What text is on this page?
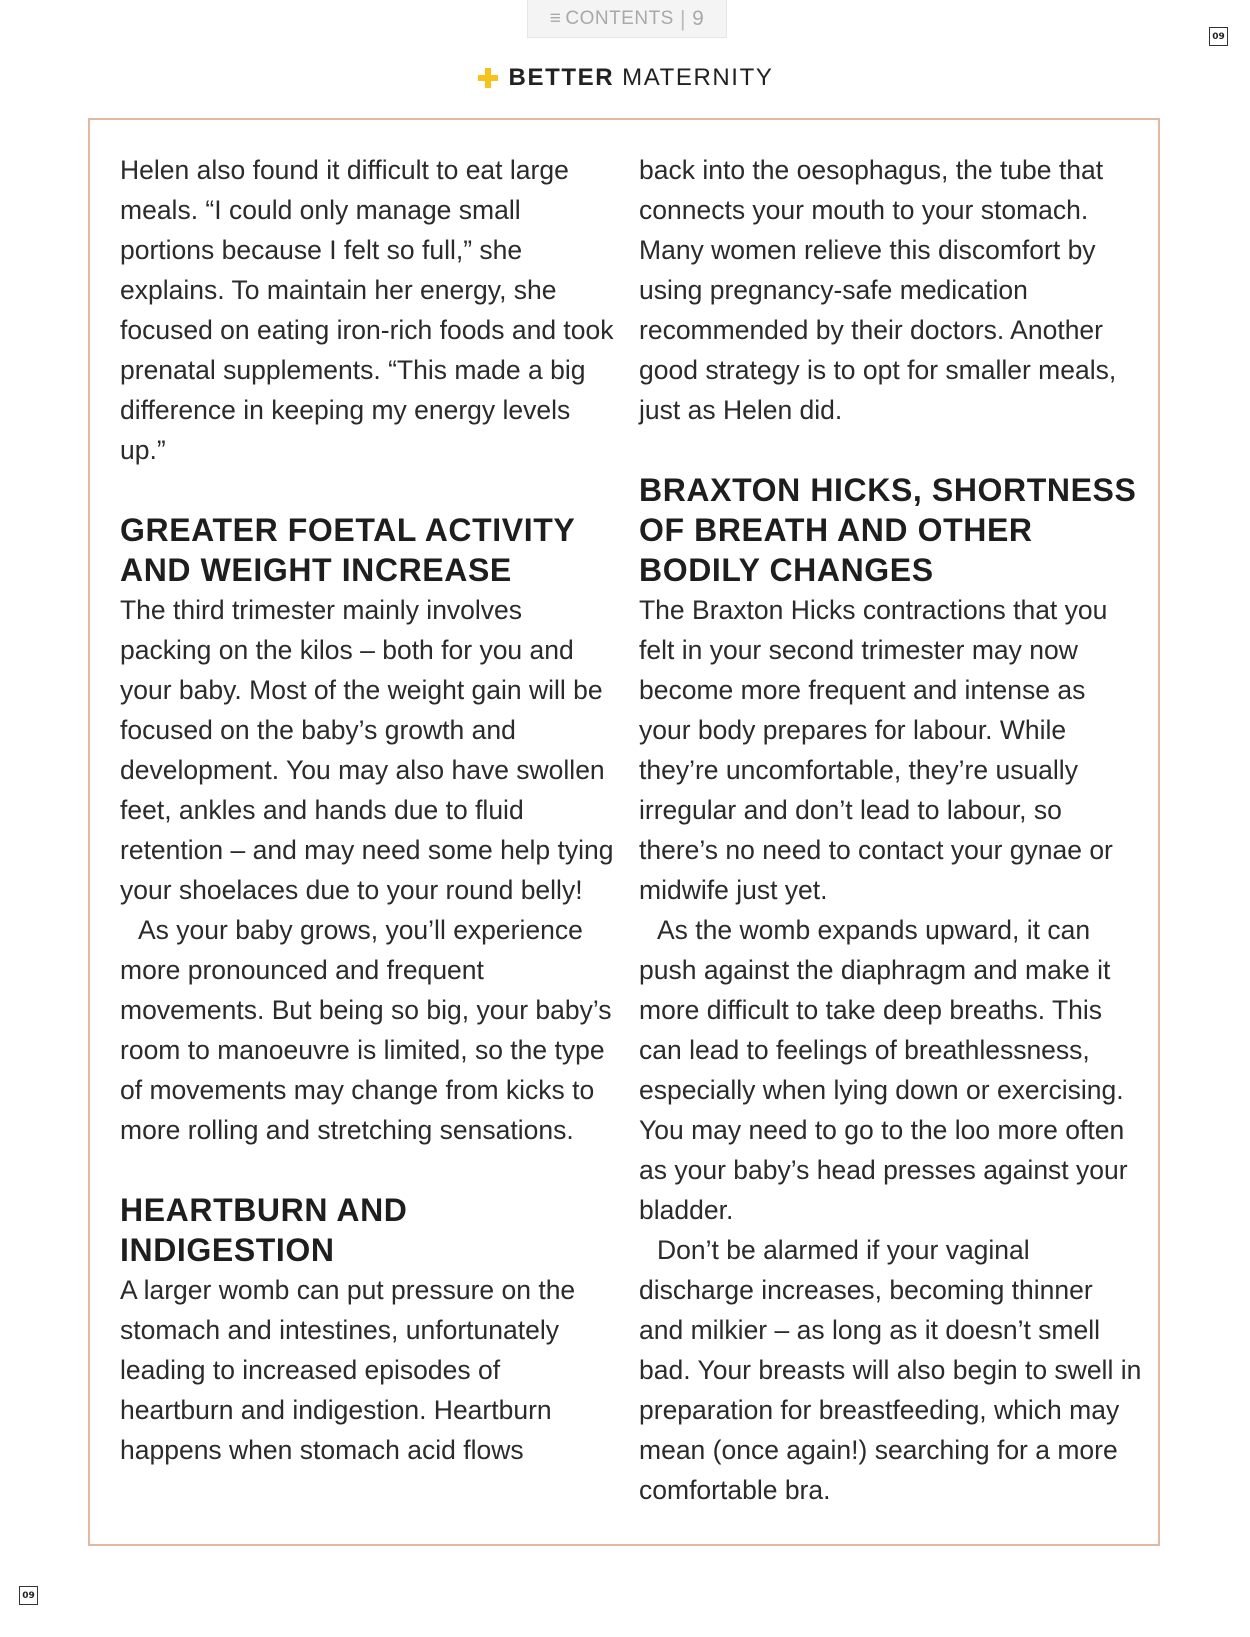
≡ CONTENTS | 9
09
BETTER MATERNITY

Helen also found it difficult to eat large meals. “I could only manage small portions because I felt so full,” she explains. To maintain her energy, she focused on eating iron-rich foods and took prenatal supplements. “This made a big difference in keeping my energy levels up.”

GREATER FOETAL ACTIVITY AND WEIGHT INCREASE

The third trimester mainly involves packing on the kilos – both for you and your baby. Most of the weight gain will be focused on the baby’s growth and development. You may also have swollen feet, ankles and hands due to fluid retention – and may need some help tying your shoelaces due to your round belly!

As your baby grows, you’ll experience more pronounced and frequent movements. But being so big, your baby’s room to manoeuvre is limited, so the type of movements may change from kicks to more rolling and stretching sensations.

HEARTBURN AND INDIGESTION

A larger womb can put pressure on the stomach and intestines, unfortunately leading to increased episodes of heartburn and indigestion. Heartburn happens when stomach acid flows

back into the oesophagus, the tube that connects your mouth to your stomach. Many women relieve this discomfort by using pregnancy-safe medication recommended by their doctors. Another good strategy is to opt for smaller meals, just as Helen did.

BRAXTON HICKS, SHORTNESS OF BREATH AND OTHER BODILY CHANGES

The Braxton Hicks contractions that you felt in your second trimester may now become more frequent and intense as your body prepares for labour. While they’re uncomfortable, they’re usually irregular and don’t lead to labour, so there’s no need to contact your gynae or midwife just yet.

As the womb expands upward, it can push against the diaphragm and make it more difficult to take deep breaths. This can lead to feelings of breathlessness, especially when lying down or exercising. You may need to go to the loo more often as your baby’s head presses against your bladder.

Don’t be alarmed if your vaginal discharge increases, becoming thinner and milkier – as long as it doesn’t smell bad. Your breasts will also begin to swell in preparation for breastfeeding, which may mean (once again!) searching for a more comfortable bra.

09
